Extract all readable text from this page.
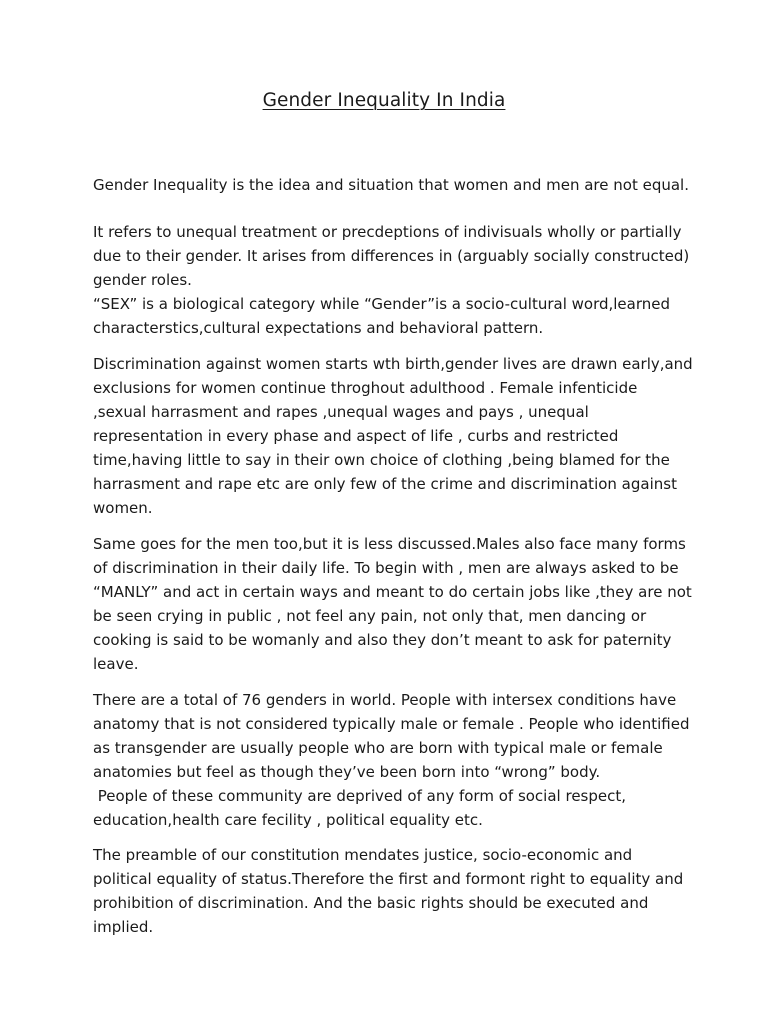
Gender Inequality In India

Gender Inequality is the idea and situation that women and men are not equal.

It refers to unequal treatment or precdeptions of indivisuals wholly or partially
due to their gender. It arises from differences in (arguably socially constructed)
gender roles.
“SEX” is a biological category while “Gender”is a socio-cultural word,learned
characterstics,cultural expectations and behavioral pattern.

Discrimination against women starts wth birth,gender lives are drawn early,and
exclusions for women continue throghout adulthood . Female infenticide
,sexual harrasment and rapes ,unequal wages and pays , unequal
representation in every phase and aspect of life , curbs and restricted
time,having little to say in their own choice of clothing ,being blamed for the
harrasment and rape etc are only few of the crime and discrimination against
women.

Same goes for the men too,but it is less discussed.Males also face many forms
of discrimination in their daily life. To begin with , men are always asked to be
“MANLY” and act in certain ways and meant to do certain jobs like ,they are not
be seen crying in public , not feel any pain, not only that, men dancing or
cooking is said to be womanly and also they don’t meant to ask for paternity
leave.

There are a total of 76 genders in world. People with intersex conditions have
anatomy that is not considered typically male or female . People who identified
as transgender are usually people who are born with typical male or female
anatomies but feel as though they’ve been born into “wrong” body.
People of these community are deprived of any form of social respect,
education,health care fecility , political equality etc.

The preamble of our constitution mendates justice, socio-economic and
political equality of status.Therefore the first and formont right to equality and
prohibition of discrimination. And the basic rights should be executed and
implied.
